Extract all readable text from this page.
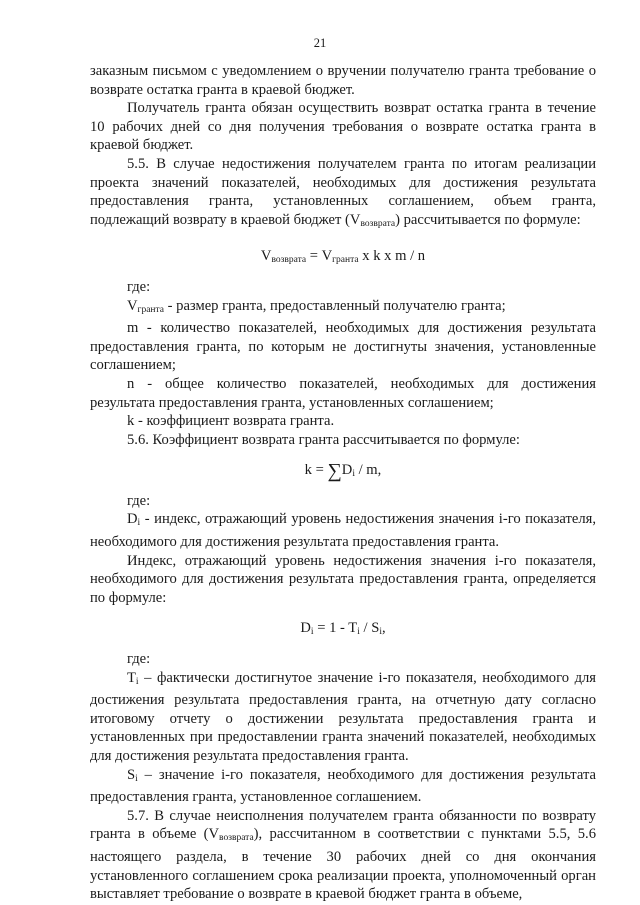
21

заказным письмом с уведомлением о вручении получателю гранта требование о возврате остатка гранта в краевой бюджет.

Получатель гранта обязан осуществить возврат остатка гранта в течение 10 рабочих дней со дня получения требования о возврате остатка гранта в краевой бюджет.

5.5. В случае недостижения получателем гранта по итогам реализации проекта значений показателей, необходимых для достижения результата предоставления гранта, установленных соглашением, объем гранта, подлежащий возврату в краевой бюджет $(V_{возврата})$ рассчитывается по формуле:

$V_{возврата} = V_{гранта}$ x k x m / n

где:

$V_{гранта}$ - размер гранта, предоставленный получателю гранта;

m - количество показателей, необходимых для достижения результата предоставления гранта, по которым не достигнуты значения, установленные соглашением;

n - общее количество показателей, необходимых для достижения результата предоставления гранта, установленных соглашением;

k - коэффициент возврата гранта.

5.6. Коэффициент возврата гранта рассчитывается по формуле:

$k = \sum D_i / m$,

где:

$D_i$ - индекс, отражающий уровень недостижения значения i-го показателя, необходимого для достижения результата предоставления гранта.

Индекс, отражающий уровень недостижения значения i-го показателя, необходимого для достижения результата предоставления гранта, определяется по формуле:

$D_i = 1 - T_i / S_i$,

где:

$T_i$ – фактически достигнутое значение i-го показателя, необходимого для достижения результата предоставления гранта, на отчетную дату согласно итоговому отчету о достижении результата предоставления гранта и установленных при предоставлении гранта значений показателей, необходимых для достижения результата предоставления гранта.

$S_i$ – значение i-го показателя, необходимого для достижения результата предоставления гранта, установленное соглашением.

5.7. В случае неисполнения получателем гранта обязанности по возврату гранта в объеме $(V_{возврата})$, рассчитанном в соответствии с пунктами 5.5, 5.6 настоящего раздела, в течение 30 рабочих дней со дня окончания установленного соглашением срока реализации проекта, уполномоченный орган выставляет требование о возврате в краевой бюджет гранта в объеме,
